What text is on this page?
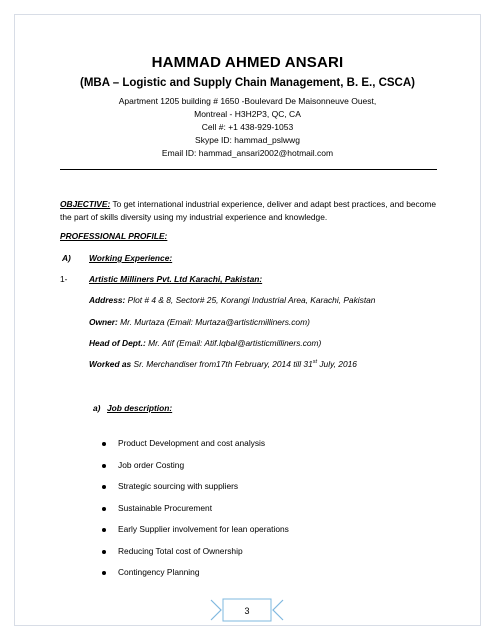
HAMMAD AHMED ANSARI
(MBA – Logistic and Supply Chain Management, B. E., CSCA)
Apartment 1205 building # 1650 -Boulevard De Maisonneuve Ouest,
Montreal - H3H2P3, QC, CA
Cell #: +1 438-929-1053
Skype ID: hammad_pslwwg
Email ID: hammad_ansari2002@hotmail.com
OBJECTIVE: To get international industrial experience, deliver and adapt best practices, and become the part of skills diversity using my industrial experience and knowledge.
PROFESSIONAL PROFILE:
A) Working Experience:
1-	Artistic Milliners Pvt. Ltd Karachi, Pakistan:
Address: Plot # 4 & 8, Sector# 25, Korangi Industrial Area, Karachi, Pakistan
Owner: Mr. Murtaza (Email: Murtaza@artisticmilliners.com)
Head of Dept.: Mr. Atif (Email: Atif.Iqbal@artisticmilliners.com)
Worked as Sr. Merchandiser from17th February, 2014 till 31st July, 2016
a) Job description:
Product Development and cost analysis
Job order Costing
Strategic sourcing with suppliers
Sustainable Procurement
Early Supplier involvement for lean operations
Reducing Total cost of Ownership
Contingency Planning
3
